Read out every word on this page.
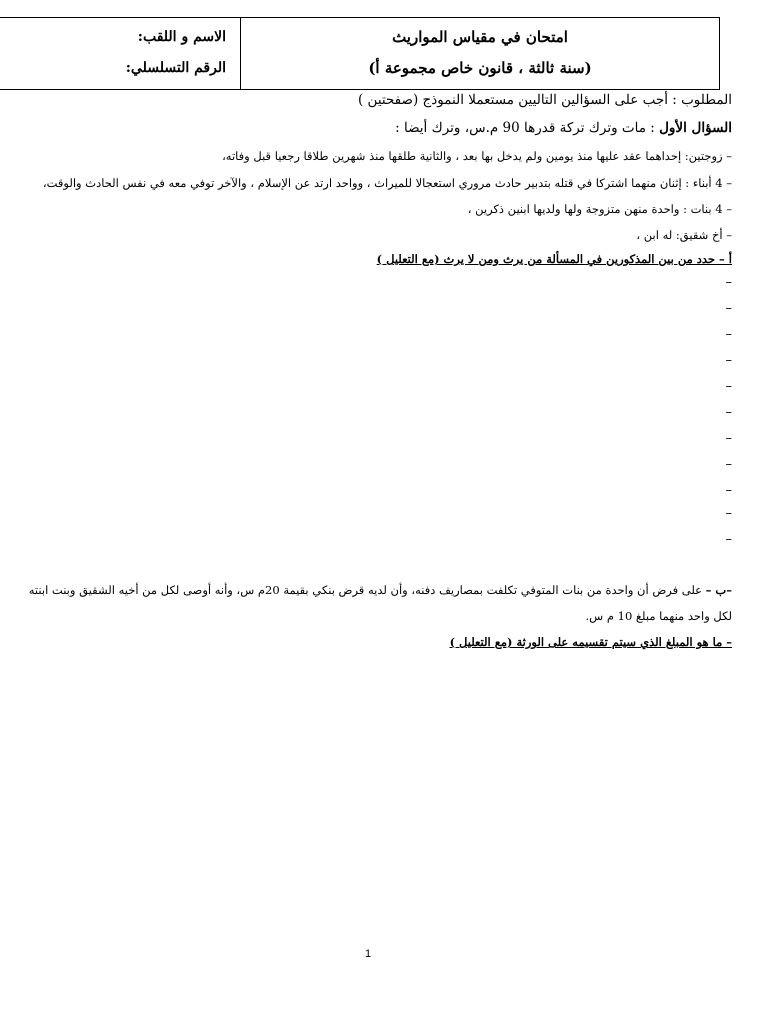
الاسم و اللقب:
الرقم التسلسلي:
امتحان في مقياس المواريث
(سنة ثالثة ، قانون خاص مجموعة أ)
المطلوب : أجب على السؤالين التاليين مستعملا النموذج (صفحتين )
السؤال الأول : مات وترك تركة قدرها 90 م.س، وترك أيضا :
– زوجتين: إحداهما عقد عليها منذ يومين ولم يدخل بها بعد ، والثانية طلقها منذ شهرين طلاقا رجعيا قبل وفاته،
– 4 أبناء : إثنان منهما اشتركا في قتله بتدبير حادث مروري استعجالا للميراث ، وواحد ارتد عن الإسلام ، والآخر توفي معه في نفس الحادث والوقت،
– 4 بنات : واحدة منهن متزوجة ولها ولديها ابنين ذكرين ،
– أخ شقيق: له ابن ،
أ – حدد من بين المذكورين في المسألة من يرث ومن لا يرث (مع التعليل )
–
–
–
–
–
–
–
–
–
–
–
–ب – على فرض أن واحدة من بنات المتوفي تكلفت بمصاريف دفنه، وأن لديه قرض بنكي بقيمة 20م س، وأنه أوصى لكل من أخيه الشقيق وبنت ابنته لكل واحد منهما مبلغ 10 م س.
– ما هو المبلغ الذي سيتم تقسيمه على الورثة (مع التعليل )
1
